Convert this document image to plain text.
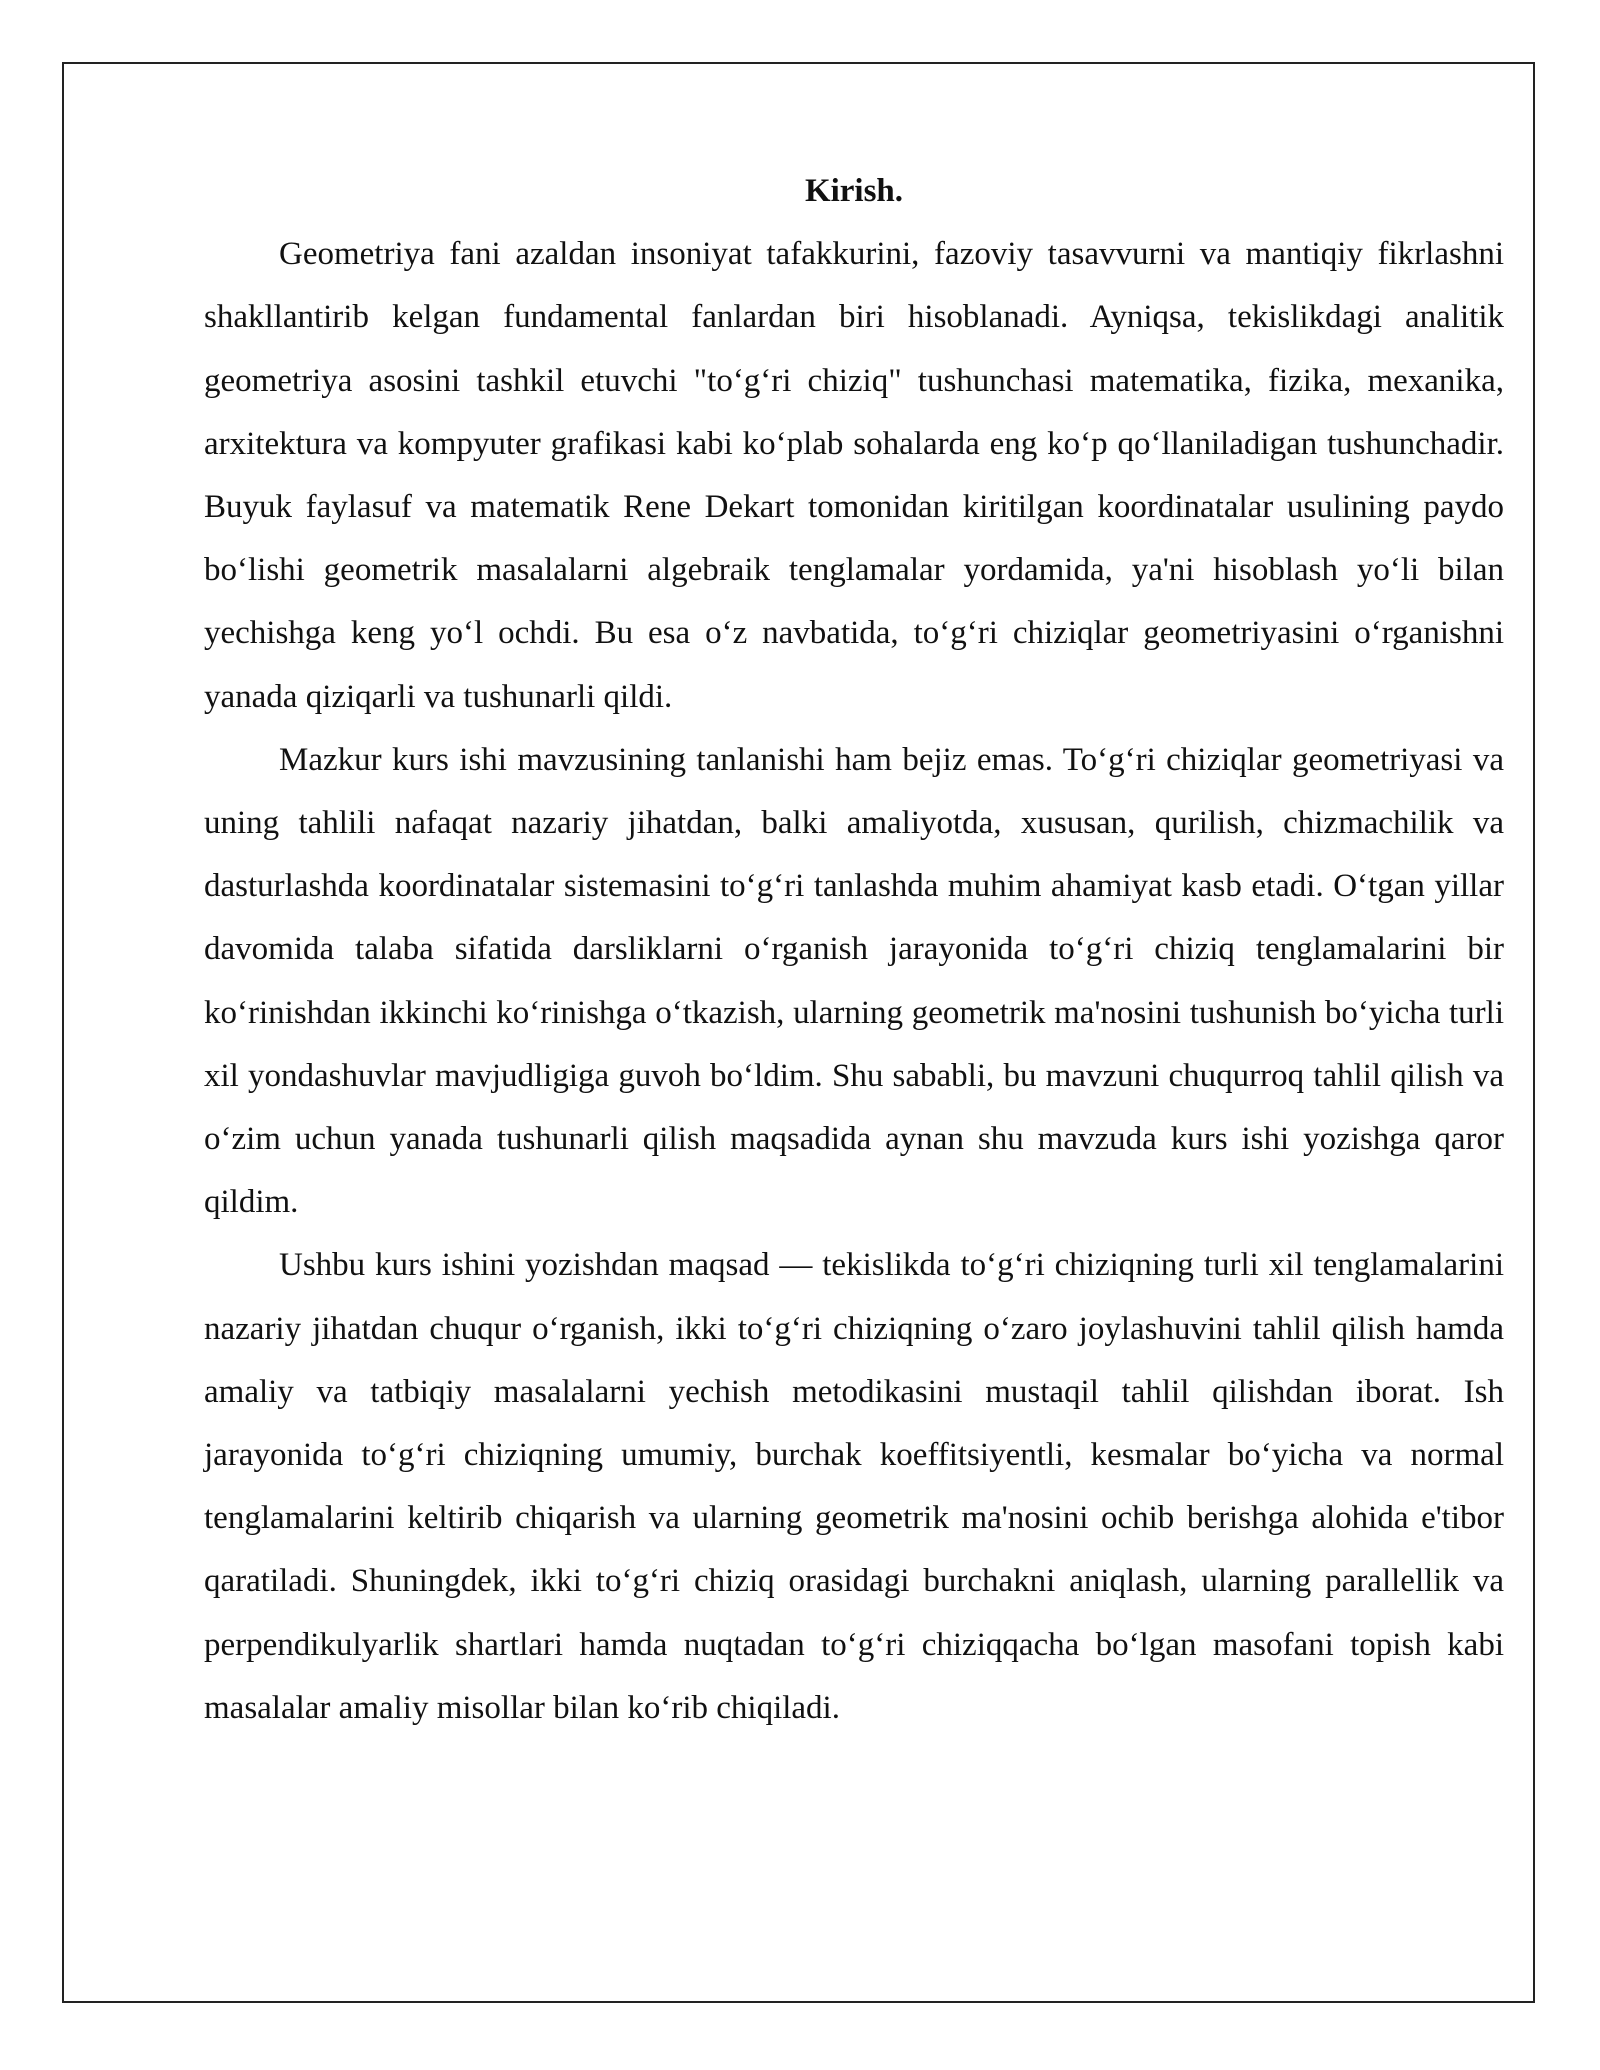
Kirish.

Geometriya fani azaldan insoniyat tafakkurini, fazoviy tasavvurni va mantiqiy fikrlashni shakllantirib kelgan fundamental fanlardan biri hisoblanadi. Ayniqsa, tekislikdagi analitik geometriya asosini tashkil etuvchi "to‘g‘ri chiziq" tushunchasi matematika, fizika, mexanika, arxitektura va kompyuter grafikasi kabi ko‘plab sohalarda eng ko‘p qo‘llaniladigan tushunchadir. Buyuk faylasuf va matematik Rene Dekart tomonidan kiritilgan koordinatalar usulining paydo bo‘lishi geometrik masalalarni algebraik tenglamalar yordamida, ya'ni hisoblash yo‘li bilan yechishga keng yo‘l ochdi. Bu esa o‘z navbatida, to‘g‘ri chiziqlar geometriyasini o‘rganishni yanada qiziqarli va tushunarli qildi.

Mazkur kurs ishi mavzusining tanlanishi ham bejiz emas. To‘g‘ri chiziqlar geometriyasi va uning tahlili nafaqat nazariy jihatdan, balki amaliyotda, xususan, qurilish, chizmachilik va dasturlashda koordinatalar sistemasini to‘g‘ri tanlashda muhim ahamiyat kasb etadi. O‘tgan yillar davomida talaba sifatida darsliklarni o‘rganish jarayonida to‘g‘ri chiziq tenglamalarini bir ko‘rinishdan ikkinchi ko‘rinishga o‘tkazish, ularning geometrik ma'nosini tushunish bo‘yicha turli xil yondashuvlar mavjudligiga guvoh bo‘ldim. Shu sababli, bu mavzuni chuqurroq tahlil qilish va o‘zim uchun yanada tushunarli qilish maqsadida aynan shu mavzuda kurs ishi yozishga qaror qildim.

Ushbu kurs ishini yozishdan maqsad — tekislikda to‘g‘ri chiziqning turli xil tenglamalarini nazariy jihatdan chuqur o‘rganish, ikki to‘g‘ri chiziqning o‘zaro joylashuvini tahlil qilish hamda amaliy va tatbiqiy masalalarni yechish metodikasini mustaqil tahlil qilishdan iborat. Ish jarayonida to‘g‘ri chiziqning umumiy, burchak koeffitsiyentli, kesmalar bo‘yicha va normal tenglamalarini keltirib chiqarish va ularning geometrik ma'nosini ochib berishga alohida e'tibor qaratiladi. Shuningdek, ikki to‘g‘ri chiziq orasidagi burchakni aniqlash, ularning parallellik va perpendikulyarlik shartlari hamda nuqtadan to‘g‘ri chiziqqacha bo‘lgan masofani topish kabi masalalar amaliy misollar bilan ko‘rib chiqiladi.
